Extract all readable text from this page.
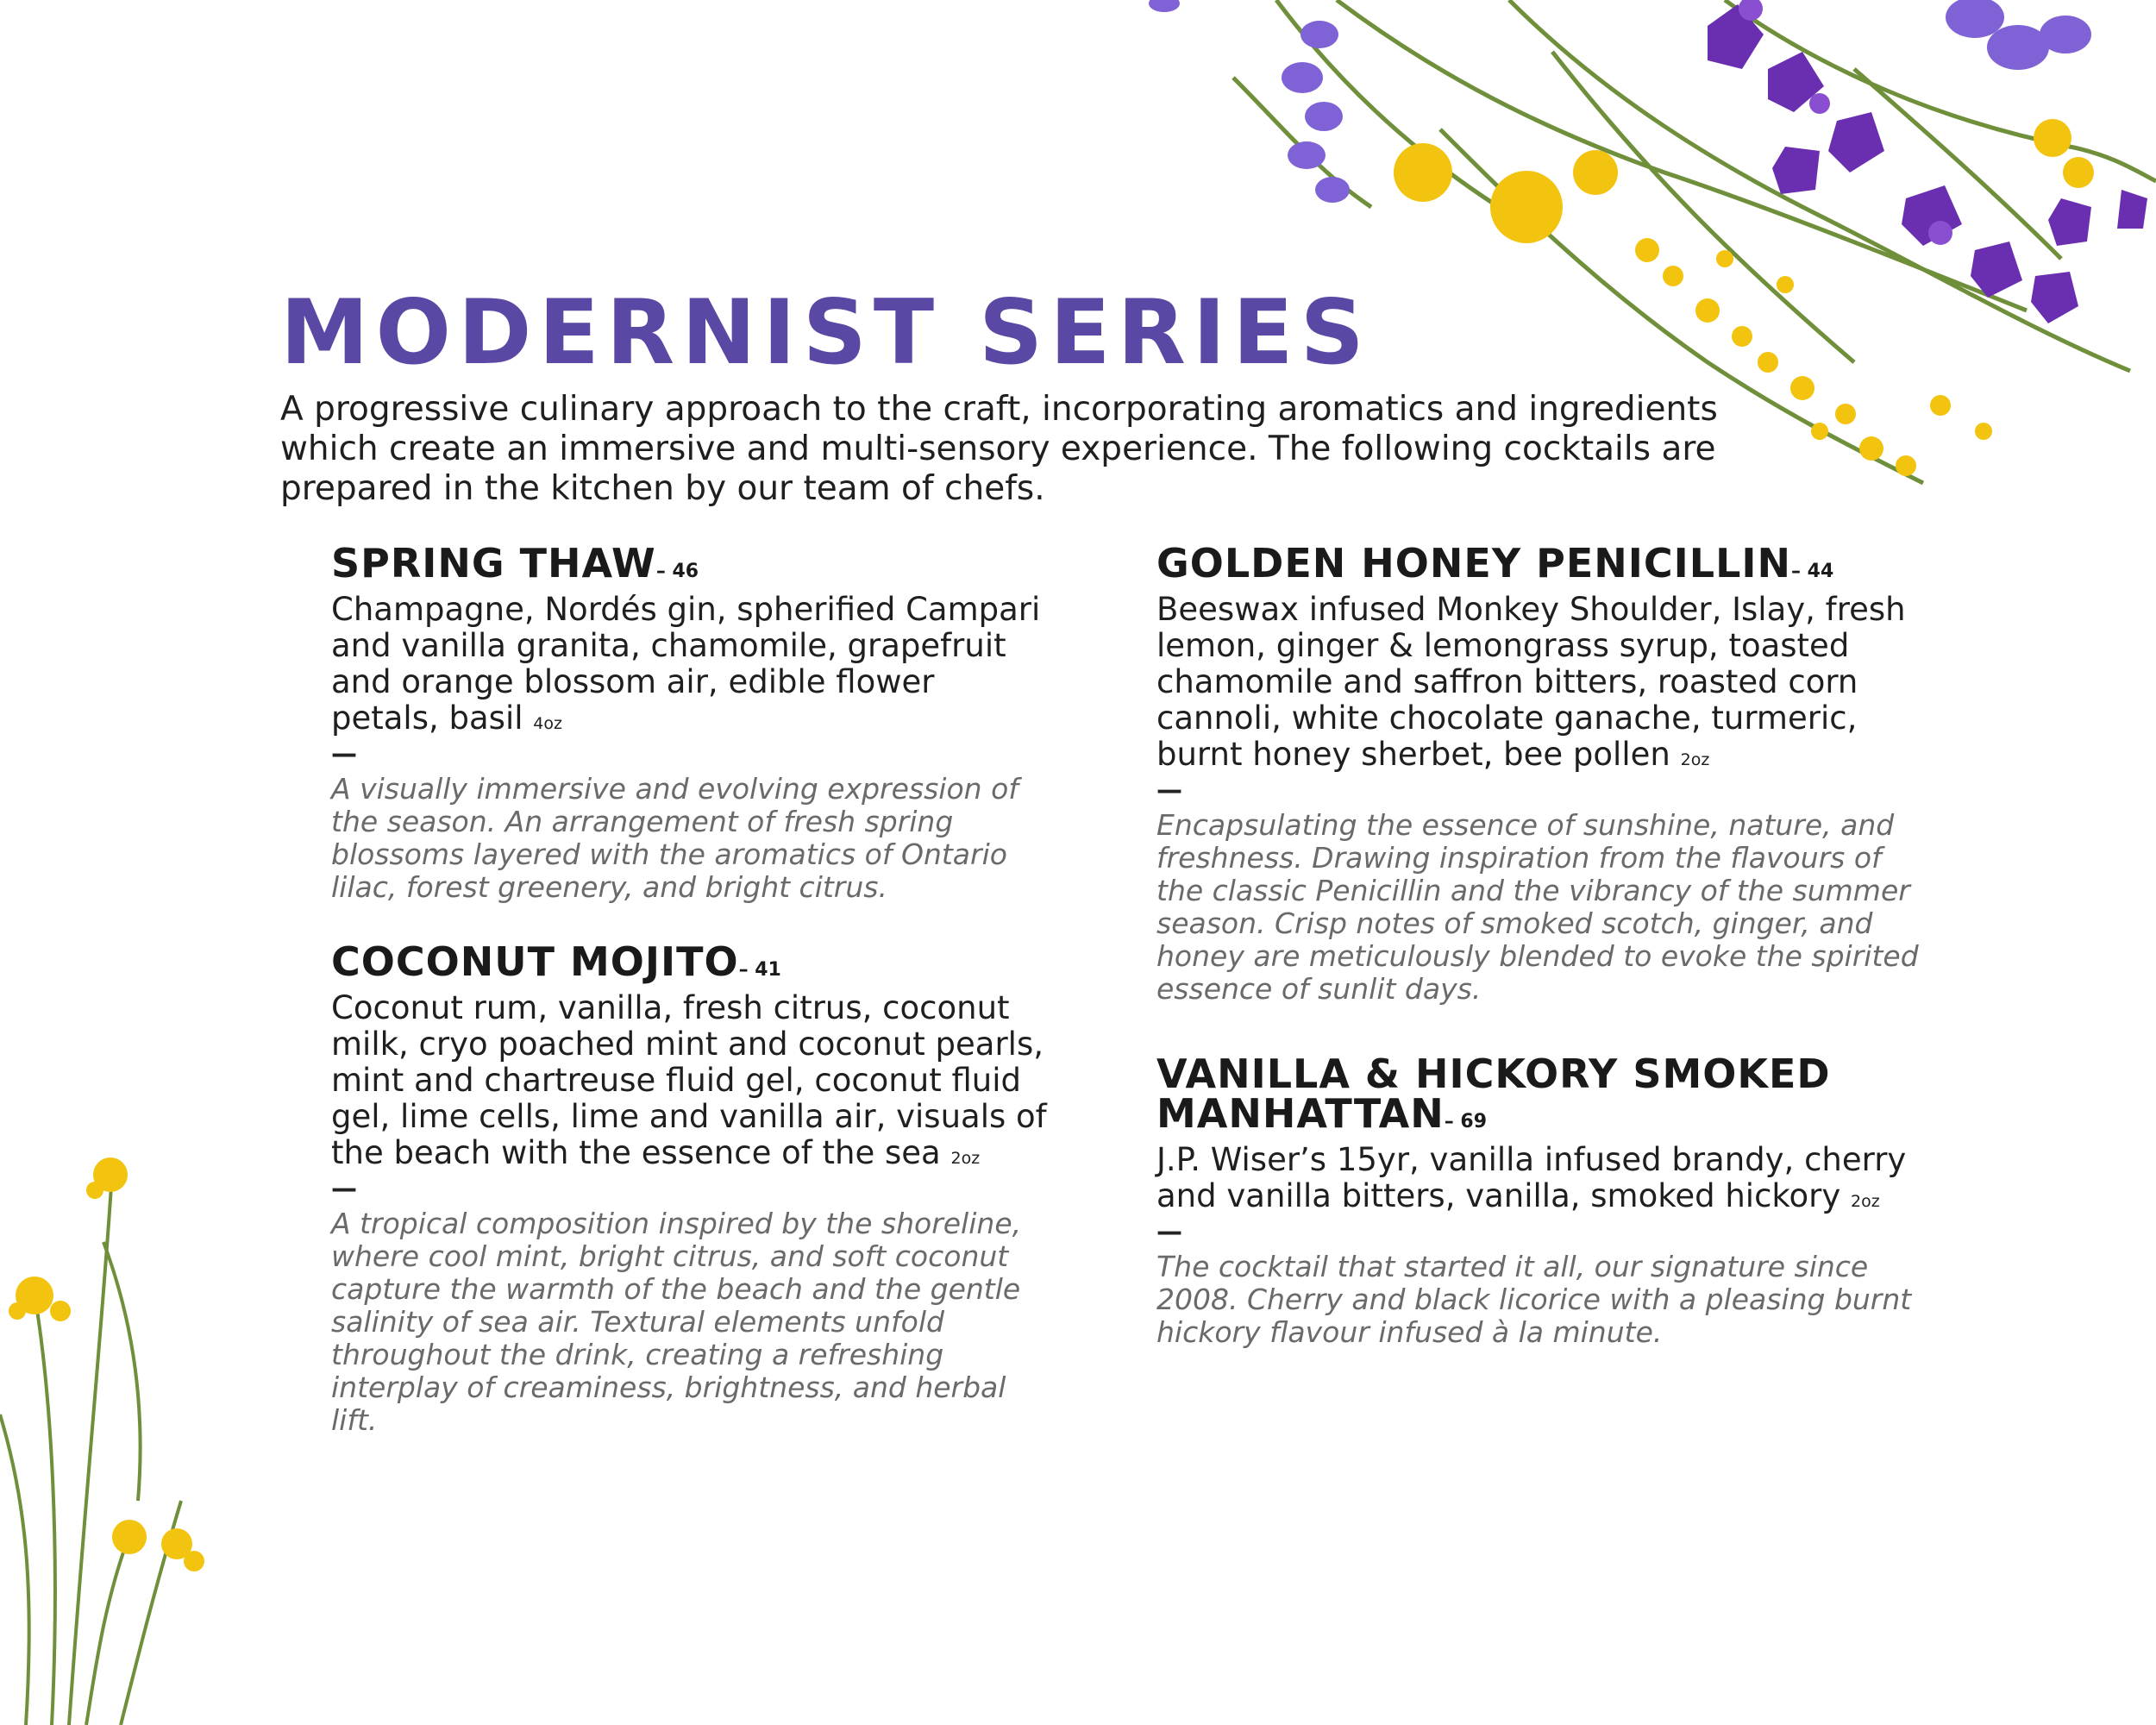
MODERNIST SERIES

A progressive culinary approach to the craft, incorporating aromatics and ingredients which create an immersive and multi-sensory experience. The following cocktails are prepared in the kitchen by our team of chefs.

SPRING THAW– 46

Champagne, Nordés gin, spherified Campari and vanilla granita, chamomile, grapefruit and orange blossom air, edible flower petals, basil 4oz

—

A visually immersive and evolving expression of the season. An arrangement of fresh spring blossoms layered with the aromatics of Ontario lilac, forest greenery, and bright citrus.

COCONUT MOJITO– 41

Coconut rum, vanilla, fresh citrus, coconut milk, cryo poached mint and coconut pearls, mint and chartreuse fluid gel, coconut fluid gel, lime cells, lime and vanilla air, visuals of the beach with the essence of the sea 2oz

—

A tropical composition inspired by the shoreline, where cool mint, bright citrus, and soft coconut capture the warmth of the beach and the gentle salinity of sea air. Textural elements unfold throughout the drink, creating a refreshing interplay of creaminess, brightness, and herbal lift.

GOLDEN HONEY PENICILLIN– 44

Beeswax infused Monkey Shoulder, Islay, fresh lemon, ginger & lemongrass syrup, toasted chamomile and saffron bitters, roasted corn cannoli, white chocolate ganache, turmeric, burnt honey sherbet, bee pollen 2oz

—

Encapsulating the essence of sunshine, nature, and freshness. Drawing inspiration from the flavours of the classic Penicillin and the vibrancy of the summer season. Crisp notes of smoked scotch, ginger, and honey are meticulously blended to evoke the spirited essence of sunlit days.

VANILLA & HICKORY SMOKED MANHATTAN– 69

J.P. Wiser’s 15yr, vanilla infused brandy, cherry and vanilla bitters, vanilla, smoked hickory 2oz

—

The cocktail that started it all, our signature since 2008. Cherry and black licorice with a pleasing burnt hickory flavour infused à la minute.
